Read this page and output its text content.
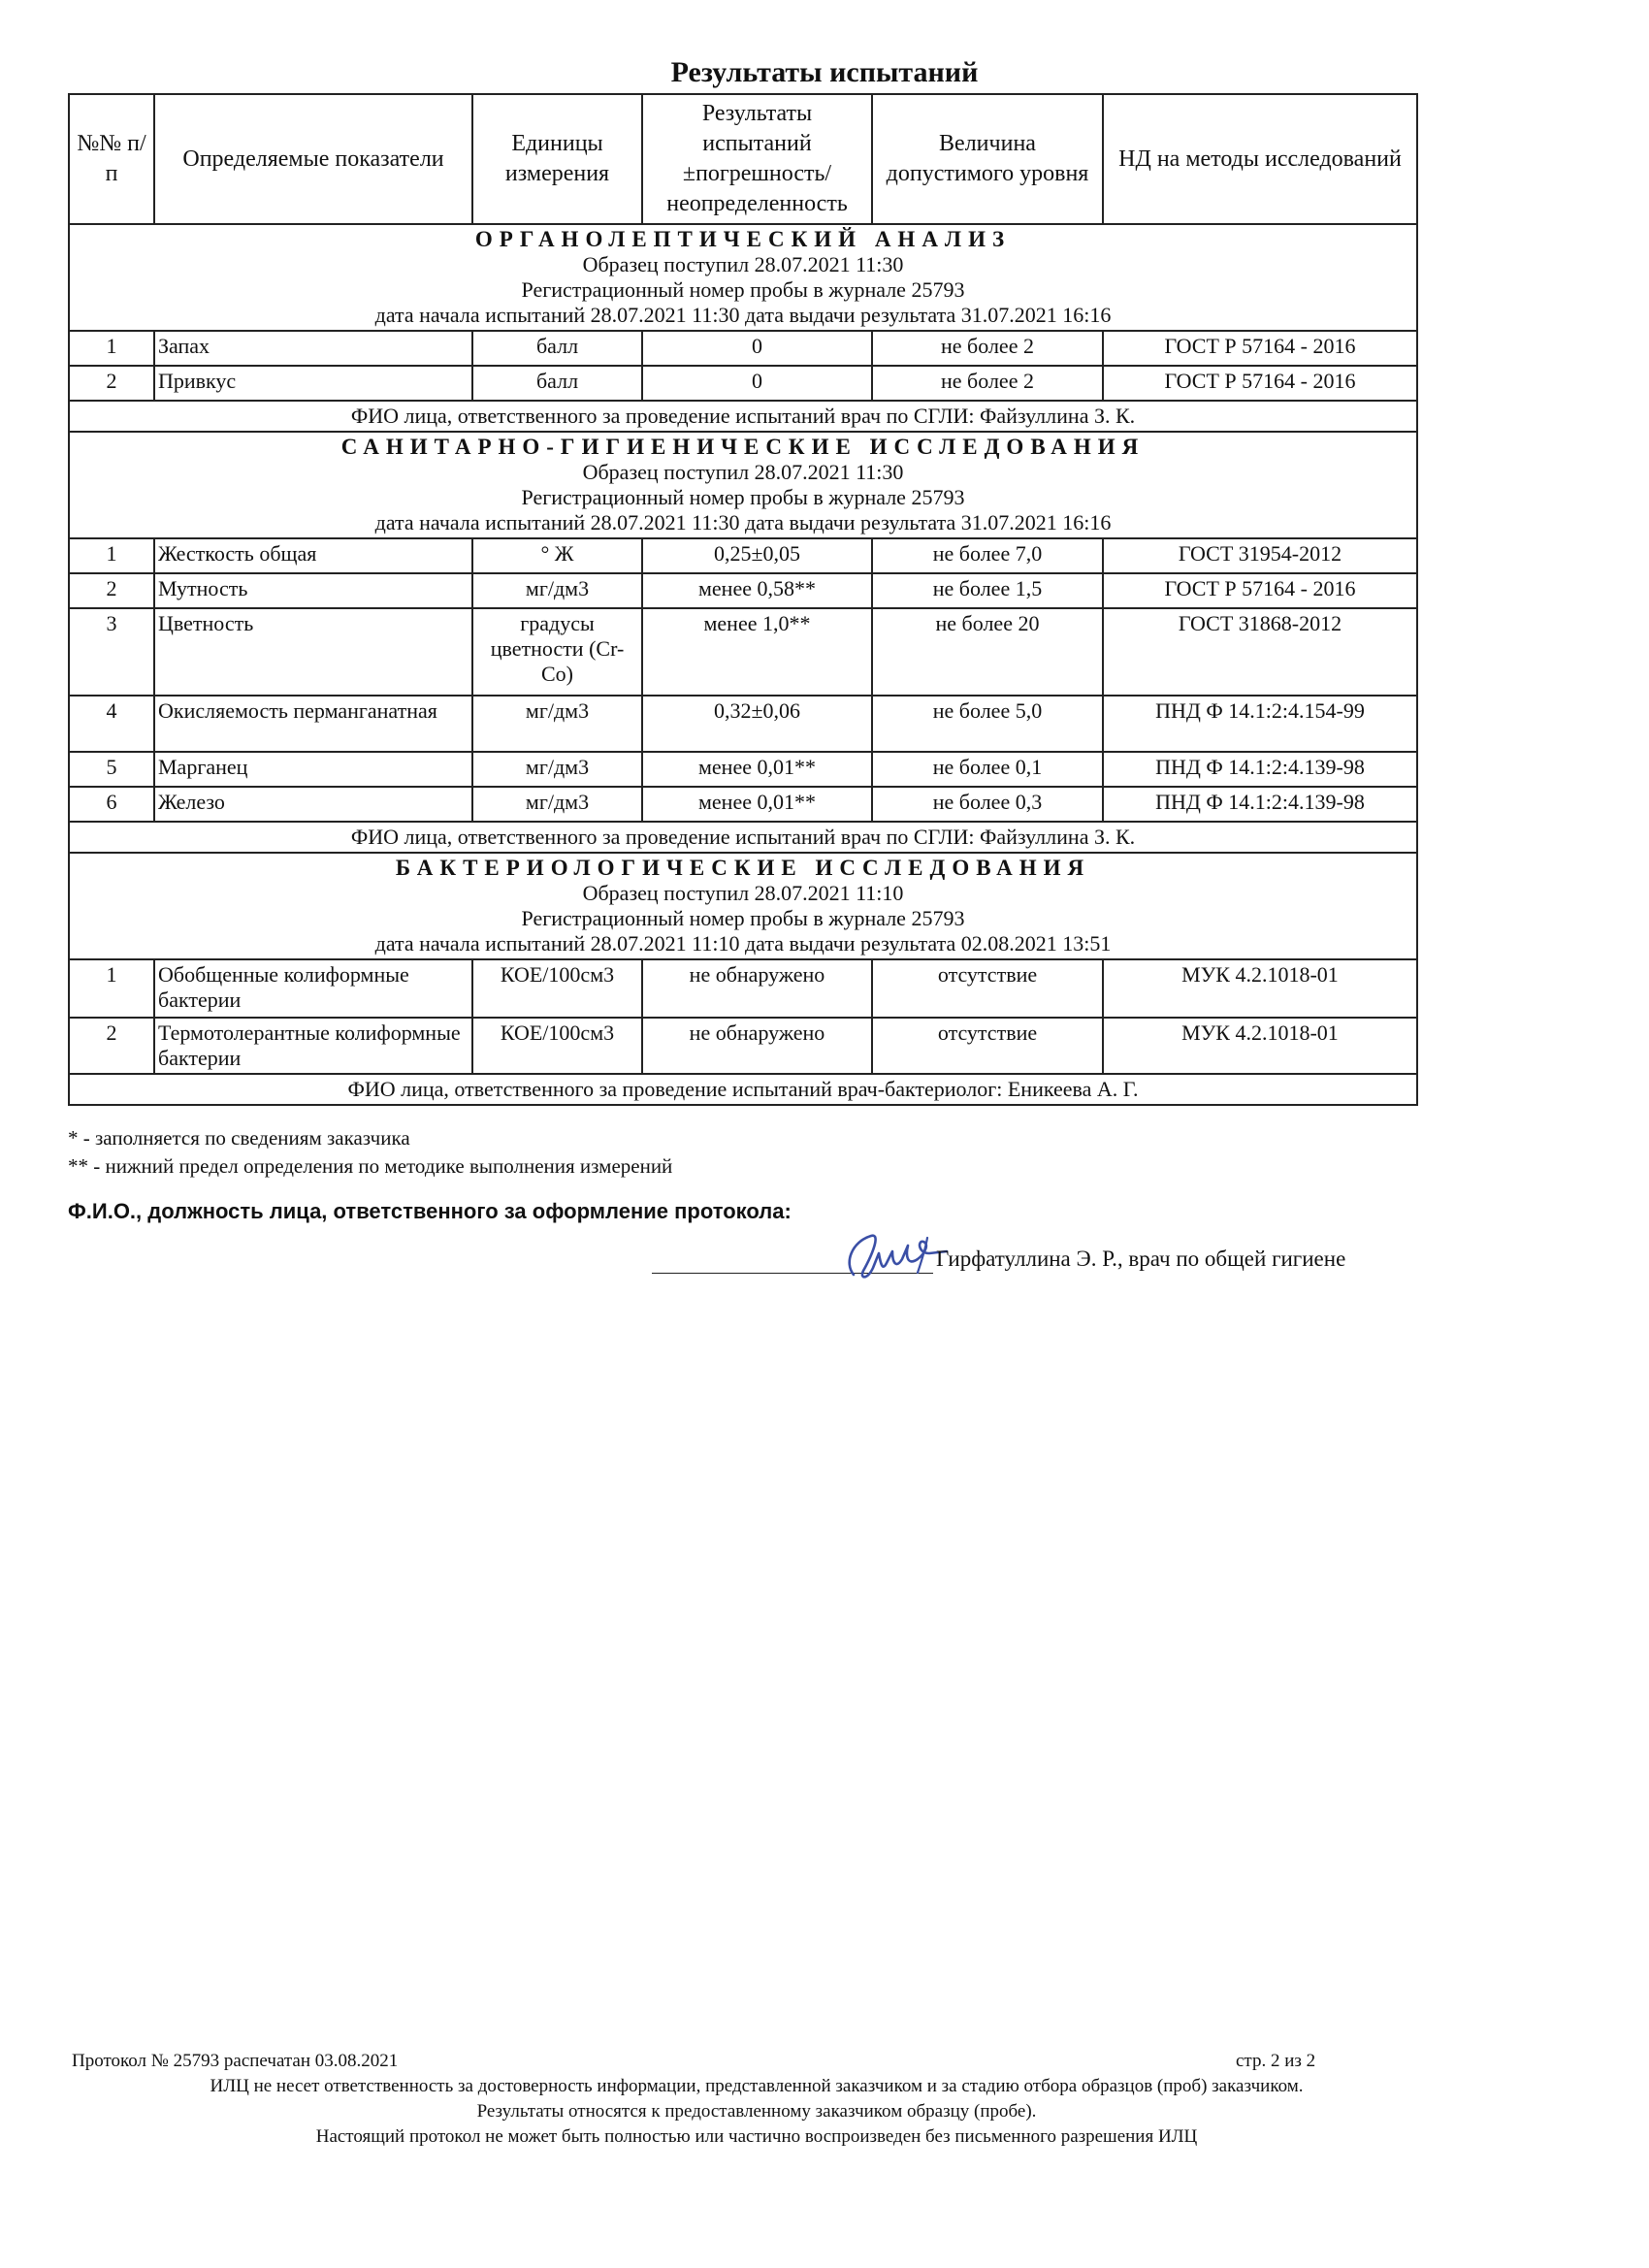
Результаты испытаний
№№ п/п	Определяемые показатели	Единицы измерения	Результаты испытаний ±погрешность/ неопределенность	Величина допустимого уровня	НД на методы исследований

ОРГАНОЛЕПТИЧЕСКИЙ АНАЛИЗ
Образец поступил 28.07.2021 11:30
Регистрационный номер пробы в журнале 25793
дата начала испытаний 28.07.2021 11:30 дата выдачи результата 31.07.2021 16:16					

1	Запах	балл	0	не более 2	ГОСТ Р 57164 - 2016
2	Привкус	балл	0	не более 2	ГОСТ Р 57164 - 2016
ФИО лица, ответственного за проведение испытаний врач по СГЛИ: Файзуллина З. К.					

САНИТАРНО-ГИГИЕНИЧЕСКИЕ ИССЛЕДОВАНИЯ
Образец поступил 28.07.2021 11:30
Регистрационный номер пробы в журнале 25793
дата начала испытаний 28.07.2021 11:30 дата выдачи результата 31.07.2021 16:16					

1	Жесткость общая	° Ж	0,25±0,05	не более 7,0	ГОСТ 31954-2012
2	Мутность	мг/дм3	менее 0,58**	не более 1,5	ГОСТ Р 57164 - 2016
3	Цветность	градусы цветности (Cr-Co)	менее 1,0**	не более 20	ГОСТ 31868-2012
4	Окисляемость перманганатная	мг/дм3	0,32±0,06	не более 5,0	ПНД Ф 14.1:2:4.154-99
5	Марганец	мг/дм3	менее 0,01**	не более 0,1	ПНД Ф 14.1:2:4.139-98
6	Железо	мг/дм3	менее 0,01**	не более 0,3	ПНД Ф 14.1:2:4.139-98
ФИО лица, ответственного за проведение испытаний врач по СГЛИ: Файзуллина З. К.					

БАКТЕРИОЛОГИЧЕСКИЕ ИССЛЕДОВАНИЯ
Образец поступил 28.07.2021 11:10
Регистрационный номер пробы в журнале 25793
дата начала испытаний 28.07.2021 11:10 дата выдачи результата 02.08.2021 13:51					

1	Обобщенные колиформные бактерии	КОЕ/100см3	не обнаружено	отсутствие	МУК 4.2.1018-01
2	Термотолерантные колиформные бактерии	КОЕ/100см3	не обнаружено	отсутствие	МУК 4.2.1018-01
ФИО лица, ответственного за проведение испытаний врач-бактериолог: Еникеева А. Г.					
* - заполняется по сведениям заказчика
** - нижний предел определения по методике выполнения измерений
Ф.И.О., должность лица, ответственного за оформление протокола:
Гирфатуллина Э. Р., врач по общей гигиене
Протокол № 25793 распечатан 03.08.2021	стр. 2 из 2
ИЛЦ не несет ответственность за достоверность информации, представленной заказчиком и за стадию отбора образцов (проб) заказчиком.
Результаты относятся к предоставленному заказчиком образцу (пробе).
Настоящий протокол не может быть полностью или частично воспроизведен без письменного разрешения ИЛЦ
